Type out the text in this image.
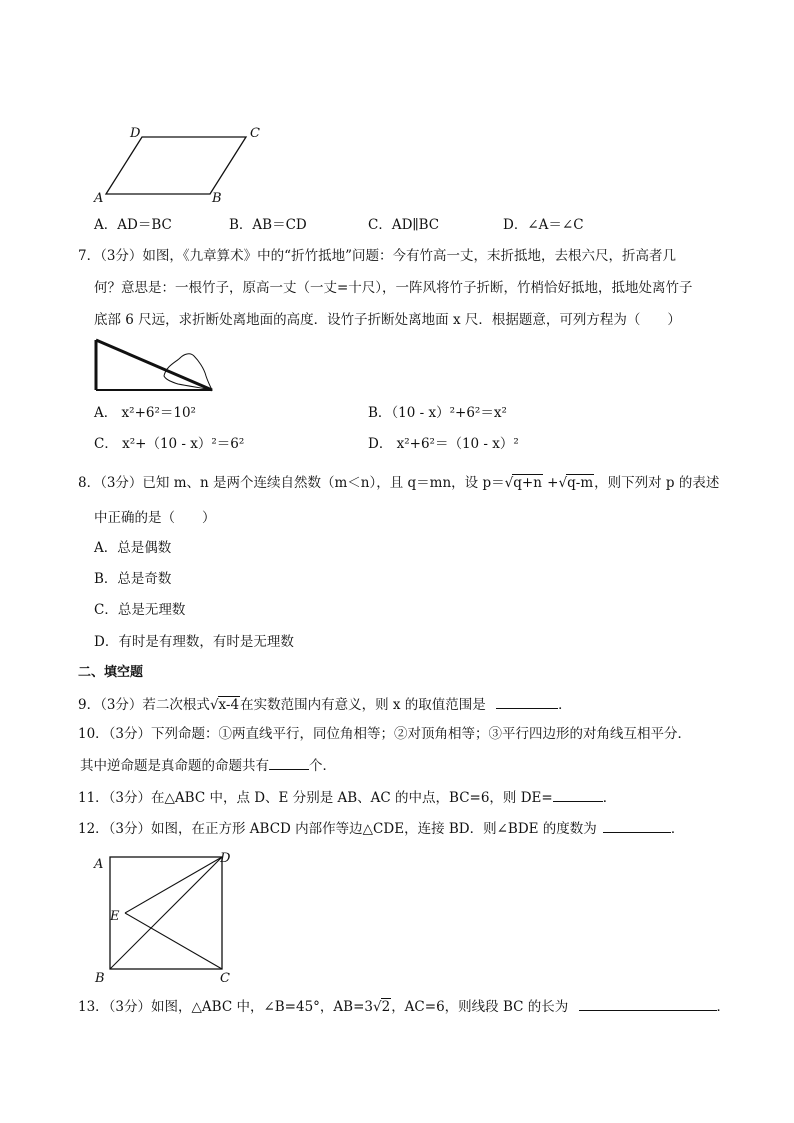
D	C
A	B
A．AD＝BC	B．AB＝CD	C．AD∥BC	D．∠A＝∠C
7．（3分）如图，《九章算术》中的“折竹抵地”问题：今有竹高一丈，末折抵地，去根六尺，折高者几
何？意思是：一根竹子，原高一丈（一丈=十尺），一阵风将竹子折断，竹梢恰好抵地，抵地处离竹子
底部 6 尺远，求折断处离地面的高度．设竹子折断处离地面 x 尺．根据题意，可列方程为（　　）
A． x²+6²＝10²	B．（10 - x）²+6²＝x²
C． x²+（10 - x）²＝6²	D． x²+6²＝（10 - x）²
8．（3分）已知 m、n 是两个连续自然数（m＜n），且 q＝mn，设 p＝√q+n +√q-m，则下列对 p 的表述
中正确的是（　　）
A．总是偶数
B．总是奇数
C．总是无理数
D．有时是有理数，有时是无理数
二、填空题
9．（3分）若二次根式√x-4在实数范围内有意义，则 x 的取值范围是	．
10．（3分）下列命题：①两直线平行，同位角相等；②对顶角相等；③平行四边形的对角线互相平分．
其中逆命题是真命题的命题共有	个．
11．（3分）在△ABC 中，点 D、E 分别是 AB、AC 的中点，BC=6，则 DE=	．
12．（3分）如图，在正方形 ABCD 内部作等边△CDE，连接 BD．则∠BDE 的度数为	．
A	D
E
B	C
13．（3分）如图，△ABC 中，∠B=45°，AB=3√2，AC=6，则线段 BC 的长为	．
